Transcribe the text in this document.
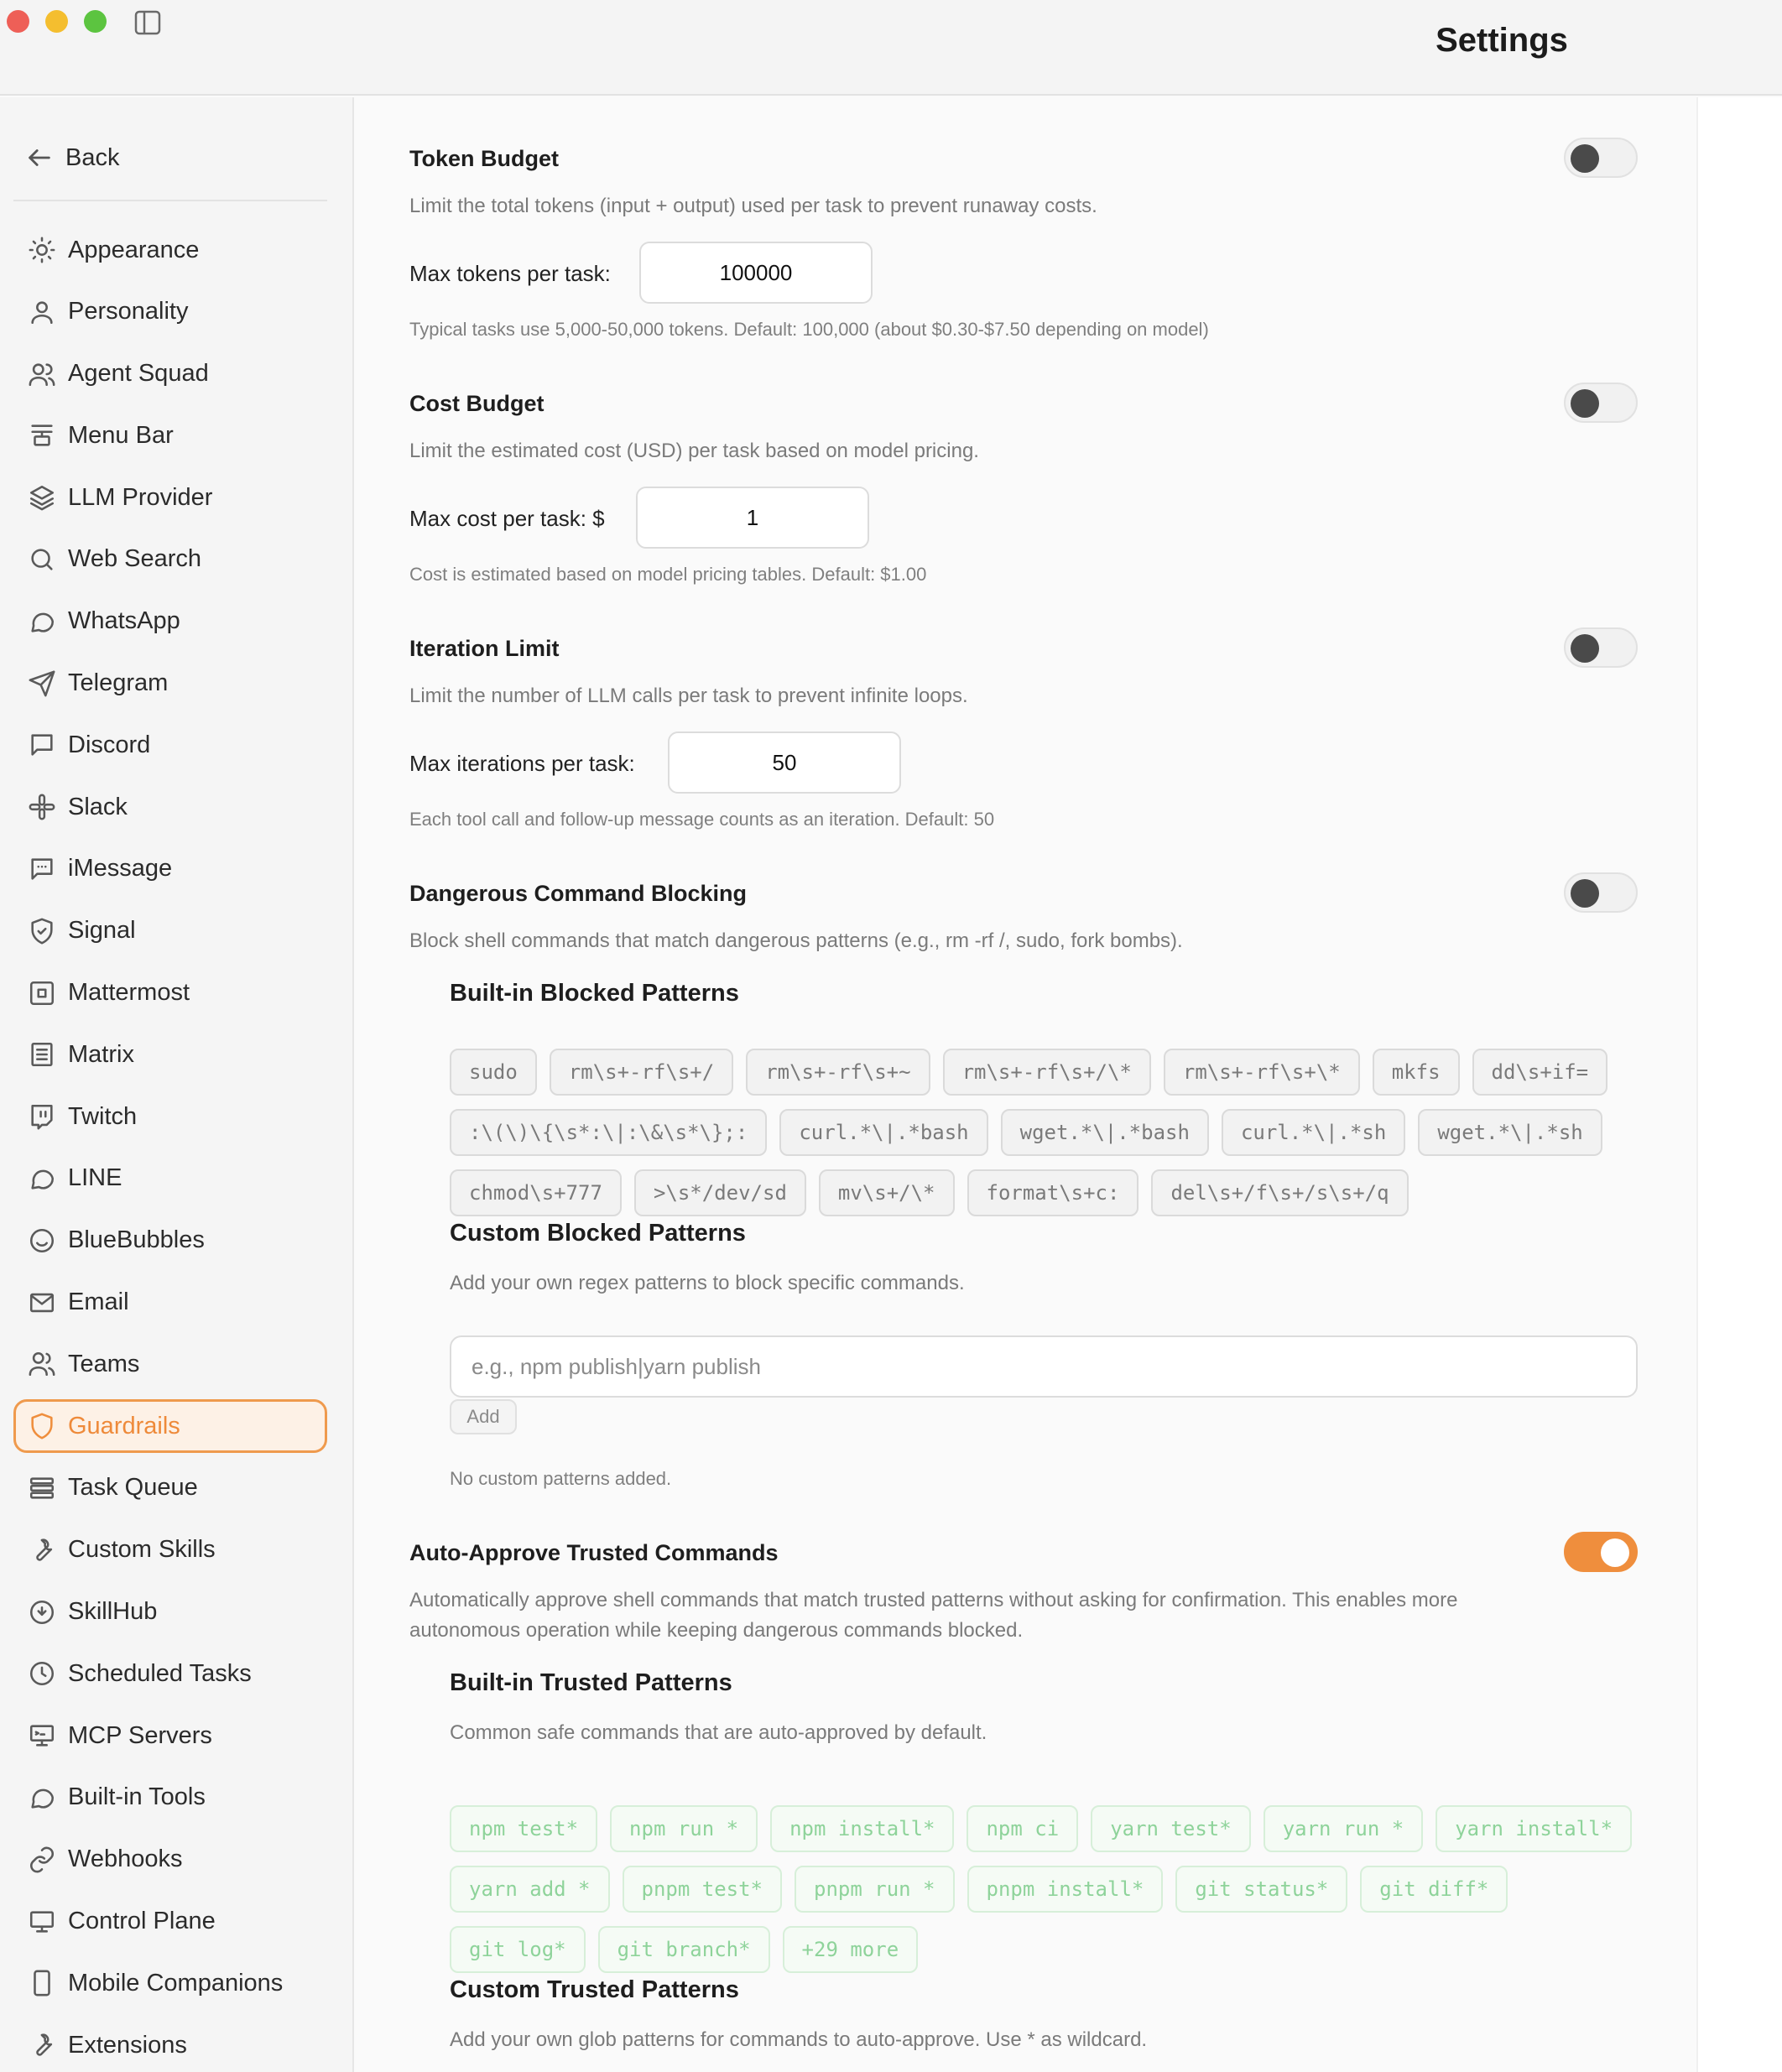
Settings
Back
Appearance
Personality
Agent Squad
Menu Bar
LLM Provider
Web Search
WhatsApp
Telegram
Discord
Slack
iMessage
Signal
Mattermost
Matrix
Twitch
LINE
BlueBubbles
Email
Teams
Guardrails
Task Queue
Custom Skills
SkillHub
Scheduled Tasks
MCP Servers
Built-in Tools
Webhooks
Control Plane
Mobile Companions
Extensions
Token Budget
Limit the total tokens (input + output) used per task to prevent runaway costs.
Max tokens per task:	100000
Typical tasks use 5,000-50,000 tokens. Default: 100,000 (about $0.30-$7.50 depending on model)
Cost Budget
Limit the estimated cost (USD) per task based on model pricing.
Max cost per task: $	1
Cost is estimated based on model pricing tables. Default: $1.00
Iteration Limit
Limit the number of LLM calls per task to prevent infinite loops.
Max iterations per task:	50
Each tool call and follow-up message counts as an iteration. Default: 50
Dangerous Command Blocking
Block shell commands that match dangerous patterns (e.g., rm -rf /, sudo, fork bombs).
Built-in Blocked Patterns
sudo	rm\s+-rf\s+/	rm\s+-rf\s+~	rm\s+-rf\s+/\*	rm\s+-rf\s+\*	mkfs	dd\s+if=
:\(\)\{\s*:\|:\&\s*\};:	curl.*\|.*bash	wget.*\|.*bash	curl.*\|.*sh	wget.*\|.*sh
chmod\s+777	>\s*/dev/sd	mv\s+/\*	format\s+c:	del\s+/f\s+/s\s+/q
Custom Blocked Patterns
Add your own regex patterns to block specific commands.
e.g., npm publish|yarn publish
Add
No custom patterns added.
Auto-Approve Trusted Commands
Automatically approve shell commands that match trusted patterns without asking for confirmation. This enables more
autonomous operation while keeping dangerous commands blocked.
Built-in Trusted Patterns
Common safe commands that are auto-approved by default.
npm test*	npm run *	npm install*	npm ci	yarn test*	yarn run *	yarn install*
yarn add *	pnpm test*	pnpm run *	pnpm install*	git status*	git diff*
git log*	git branch*	+29 more
Custom Trusted Patterns
Add your own glob patterns for commands to auto-approve. Use * as wildcard.
